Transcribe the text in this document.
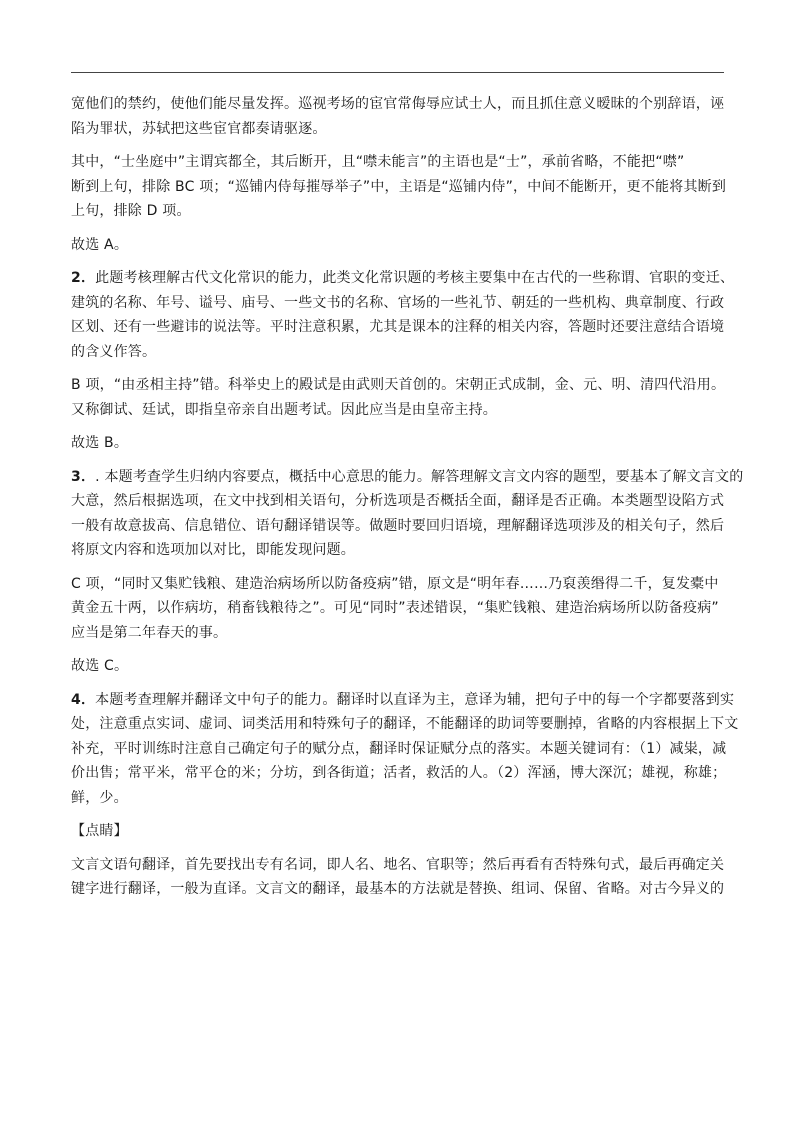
宽他们的禁约，使他们能尽量发挥。巡视考场的宦官常侮辱应试士人，而且抓住意义暧昧的个别辞语，诬
陷为罪状，苏轼把这些宦官都奏请驱逐。
其中，“士坐庭中”主谓宾都全，其后断开，且“噤未能言”的主语也是“士”，承前省略，不能把“噤”
断到上句，排除 BC 项；“巡铺内侍每摧辱举子”中，主语是“巡铺内侍”，中间不能断开，更不能将其断到
上句，排除 D 项。
故选 A。
2．此题考核理解古代文化常识的能力，此类文化常识题的考核主要集中在古代的一些称谓、官职的变迁、
建筑的名称、年号、谥号、庙号、一些文书的名称、官场的一些礼节、朝廷的一些机构、典章制度、行政
区划、还有一些避讳的说法等。平时注意积累，尤其是课本的注释的相关内容，答题时还要注意结合语境
的含义作答。
B 项，“由丞相主持”错。科举史上的殿试是由武则天首创的。宋朝正式成制，金、元、明、清四代沿用。
又称御试、廷试，即指皇帝亲自出题考试。因此应当是由皇帝主持。
故选 B。
3．. 本题考查学生归纳内容要点，概括中心意思的能力。解答理解文言文内容的题型，要基本了解文言文的
大意，然后根据选项，在文中找到相关语句，分析选项是否概括全面，翻译是否正确。本类题型设陷方式
一般有故意拔高、信息错位、语句翻译错误等。做题时要回归语境，理解翻译选项涉及的相关句子，然后
将原文内容和选项加以对比，即能发现问题。
C 项，“同时又集贮钱粮、建造治病场所以防备疫病”错，原文是“明年春……乃裒羡缗得二千，复发橐中
黄金五十两，以作病坊，稍畜钱粮待之”。可见“同时”表述错误，“集贮钱粮、建造治病场所以防备疫病”
应当是第二年春天的事。
故选 C。
4．本题考查理解并翻译文中句子的能力。翻译时以直译为主，意译为辅，把句子中的每一个字都要落到实
处，注意重点实词、虚词、词类活用和特殊句子的翻译，不能翻译的助词等要删掉，省略的内容根据上下文
补充，平时训练时注意自己确定句子的赋分点，翻译时保证赋分点的落实。本题关键词有：（1）减粜，减
价出售；常平米，常平仓的米；分坊，到各街道；活者，救活的人。（2）浑涵，博大深沉；雄视，称雄；
鲜，少。
【点睛】
文言文语句翻译，首先要找出专有名词，即人名、地名、官职等；然后再看有否特殊句式，最后再确定关
键字进行翻译，一般为直译。文言文的翻译，最基本的方法就是替换、组词、保留、省略。对古今异义的
